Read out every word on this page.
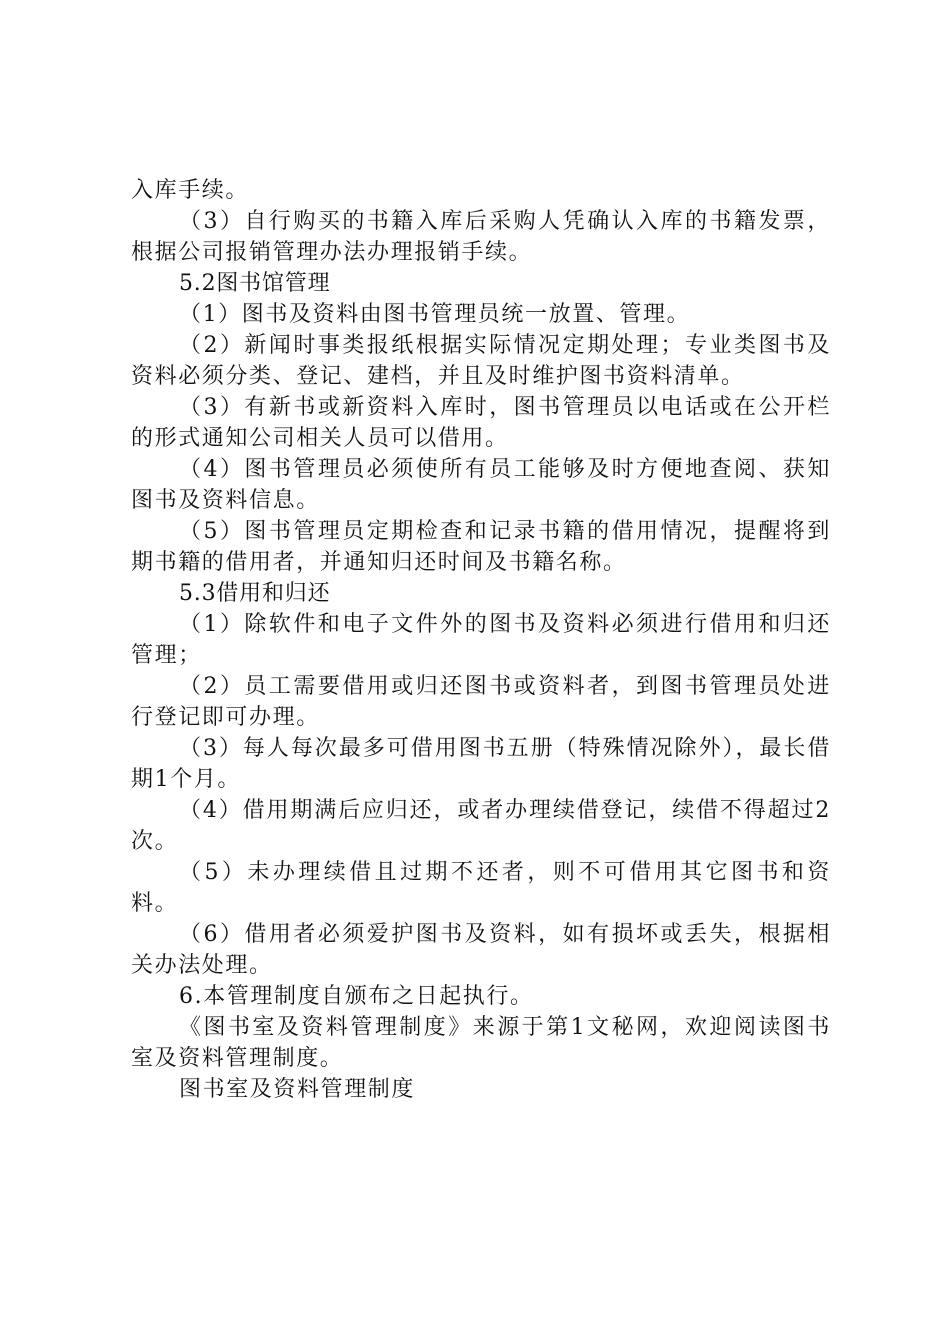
入库手续。

（3）自行购买的书籍入库后采购人凭确认入库的书籍发票，根据公司报销管理办法办理报销手续。

5.2图书馆管理

（1）图书及资料由图书管理员统一放置、管理。

（2）新闻时事类报纸根据实际情况定期处理；专业类图书及资料必须分类、登记、建档，并且及时维护图书资料清单。

（3）有新书或新资料入库时，图书管理员以电话或在公开栏的形式通知公司相关人员可以借用。

（4）图书管理员必须使所有员工能够及时方便地查阅、获知图书及资料信息。

（5）图书管理员定期检查和记录书籍的借用情况，提醒将到期书籍的借用者，并通知归还时间及书籍名称。

5.3借用和归还

（1）除软件和电子文件外的图书及资料必须进行借用和归还管理；

（2）员工需要借用或归还图书或资料者，到图书管理员处进行登记即可办理。

（3）每人每次最多可借用图书五册（特殊情况除外），最长借期1个月。

（4）借用期满后应归还，或者办理续借登记，续借不得超过2次。

（5）未办理续借且过期不还者，则不可借用其它图书和资料。

（6）借用者必须爱护图书及资料，如有损坏或丢失，根据相关办法处理。

6.本管理制度自颁布之日起执行。

《图书室及资料管理制度》来源于第1文秘网，欢迎阅读图书室及资料管理制度。

图书室及资料管理制度
